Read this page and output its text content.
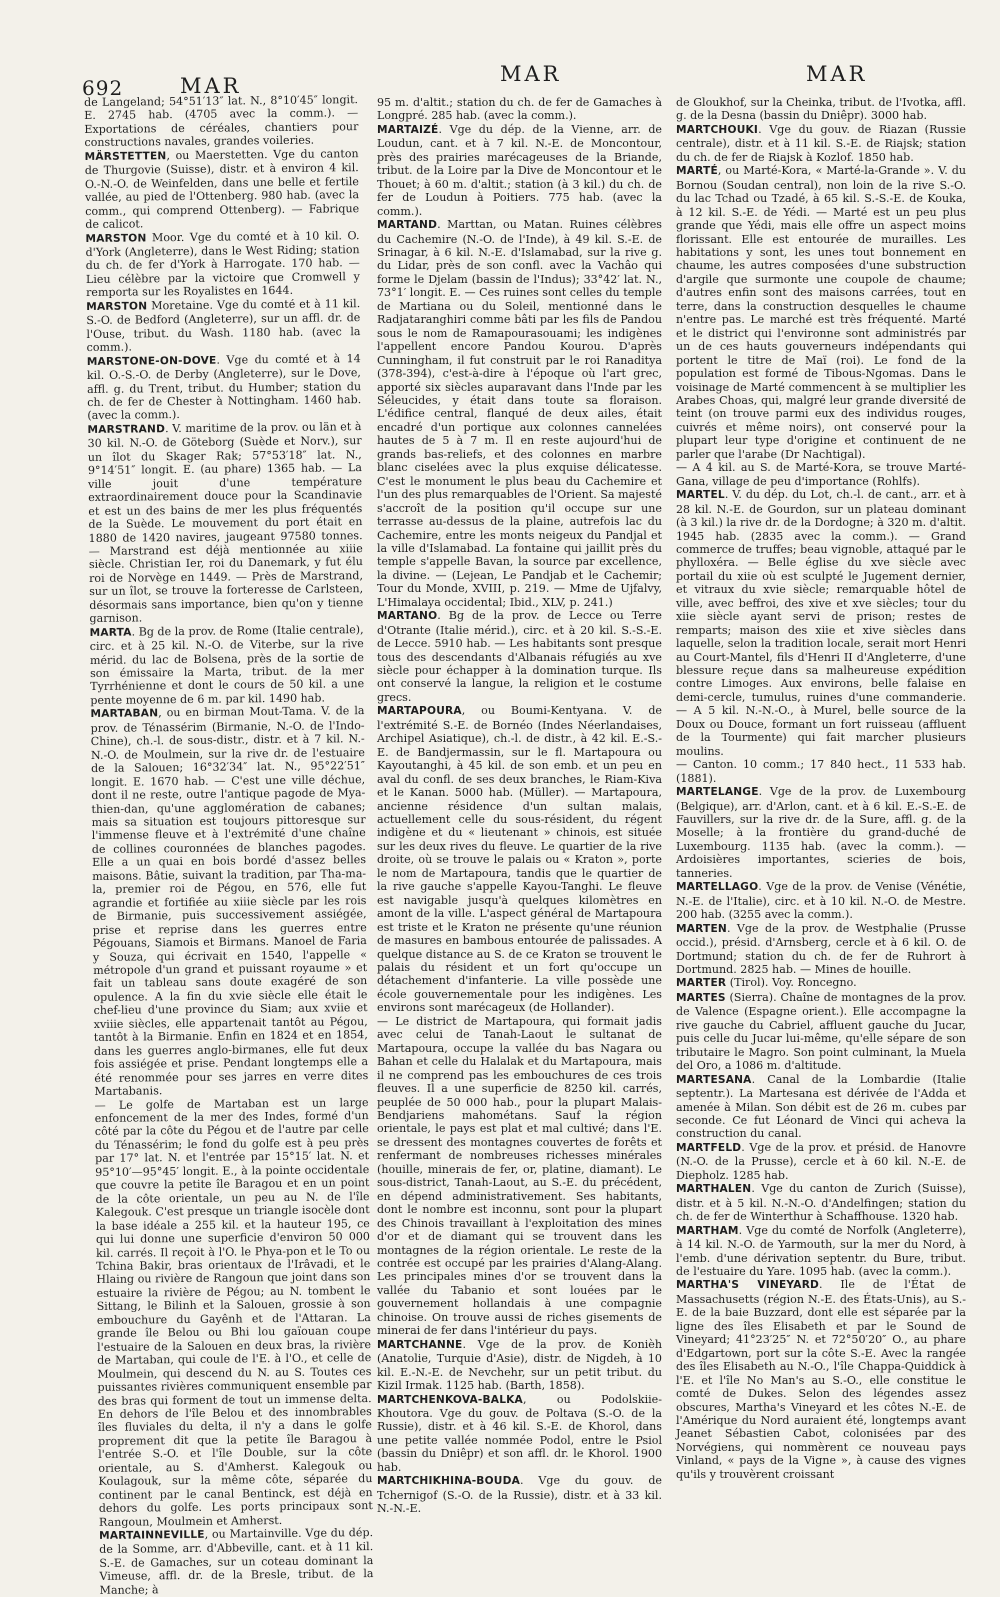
692	MAR	MAR	MAR

de Langeland; 54°51′13″ lat. N., 8°10′45″ longit. E. 2745 hab. (4705 avec la comm.). — Exportations de céréales, chantiers pour constructions navales, grandes voileries.

MÄRSTETTEN, ou Maerstetten. Vge du canton de Thurgovie (Suisse), distr. et à environ 4 kil. O.-N.-O. de Weinfelden, dans une belle et fertile vallée, au pied de l'Ottenberg. 980 hab. (avec la comm., qui comprend Ottenberg). — Fabrique de calicot.

MARSTON Moor. Vge du comté et à 10 kil. O. d'York (Angleterre), dans le West Riding; station du ch. de fer d'York à Harrogate. 170 hab. — Lieu célèbre par la victoire que Cromwell y remporta sur les Royalistes en 1644.

MARSTON Moretaine. Vge du comté et à 11 kil. S.-O. de Bedford (Angleterre), sur un affl. dr. de l'Ouse, tribut. du Wash. 1180 hab. (avec la comm.).

MARSTONE-ON-DOVE. Vge du comté et à 14 kil. O.-S.-O. de Derby (Angleterre), sur le Dove, affl. g. du Trent, tribut. du Humber; station du ch. de fer de Chester à Nottingham. 1460 hab. (avec la comm.).

MARSTRAND. V. maritime de la prov. ou län et à 30 kil. N.-O. de Göteborg (Suède et Norv.), sur un îlot du Skager Rak; 57°53′18″ lat. N., 9°14′51″ longit. E. (au phare) 1365 hab. — La ville jouit d'une température extraordinairement douce pour la Scandinavie et est un des bains de mer les plus fréquentés de la Suède. Le mouvement du port était en 1880 de 1420 navires, jaugeant 97580 tonnes. — Marstrand est déjà mentionnée au xiiie siècle. Christian Ier, roi du Danemark, y fut élu roi de Norvège en 1449. — Près de Marstrand, sur un îlot, se trouve la forteresse de Carlsteen, désormais sans importance, bien qu'on y tienne garnison.

MARTA. Bg de la prov. de Rome (Italie centrale), circ. et à 25 kil. N.-O. de Viterbe, sur la rive mérid. du lac de Bolsena, près de la sortie de son émissaire la Marta, tribut. de la mer Tyrrhénienne et dont le cours de 50 kil. a une pente moyenne de 6 m. par kil. 1490 hab.

MARTABAN, ou en birman Mout-Tama. V. de la prov. de Ténassérim (Birmanie, N.-O. de l'Indo-Chine), ch.-l. de sous-distr., distr. et à 7 kil. N.-N.-O. de Moulmein, sur la rive dr. de l'estuaire de la Salouen; 16°32′34″ lat. N., 95°22′51″ longit. E. 1670 hab. — C'est une ville déchue, dont il ne reste, outre l'antique pagode de Mya-thien-dan, qu'une agglomération de cabanes; mais sa situation est toujours pittoresque sur l'immense fleuve et à l'extrémité d'une chaîne de collines couronnées de blanches pagodes. Elle a un quai en bois bordé d'assez belles maisons. Bâtie, suivant la tradition, par Tha-ma-la, premier roi de Pégou, en 576, elle fut agrandie et fortifiée au xiiie siècle par les rois de Birmanie, puis successivement assiégée, prise et reprise dans les guerres entre Pégouans, Siamois et Birmans. Manoel de Faria y Souza, qui écrivait en 1540, l'appelle « métropole d'un grand et puissant royaume » et fait un tableau sans doute exagéré de son opulence. A la fin du xvie siècle elle était le chef-lieu d'une province du Siam; aux xviie et xviiie siècles, elle appartenait tantôt au Pégou, tantôt à la Birmanie. Enfin en 1824 et en 1854, dans les guerres anglo-birmanes, elle fut deux fois assiégée et prise. Pendant longtemps elle a été renommée pour ses jarres en verre dites Martabanis.

— Le golfe de Martaban est un large enfoncement de la mer des Indes, formé d'un côté par la côte du Pégou et de l'autre par celle du Ténassérim; le fond du golfe est à peu près par 17° lat. N. et l'entrée par 15°15′ lat. N. et 95°10′—95°45′ longit. E., à la pointe occidentale que couvre la petite île Baragou et en un point de la côte orientale, un peu au N. de l'île Kalegouk. C'est presque un triangle isocèle dont la base idéale a 255 kil. et la hauteur 195, ce qui lui donne une superficie d'environ 50 000 kil. carrés. Il reçoit à l'O. le Phya-pon et le To ou Tchina Bakir, bras orientaux de l'Irâvadi, et le Hlaing ou rivière de Rangoun que joint dans son estuaire la rivière de Pégou; au N. tombent le Sittang, le Bilinh et la Salouen, grossie à son embouchure du Gayênh et de l'Attaran. La grande île Belou ou Bhi lou gaïouan coupe l'estuaire de la Salouen en deux bras, la rivière de Martaban, qui coule de l'E. à l'O., et celle de Moulmein, qui descend du N. au S. Toutes ces puissantes rivières communiquent ensemble par des bras qui forment de tout un immense delta. En dehors de l'île Belou et des innombrables îles fluviales du delta, il n'y a dans le golfe proprement dit que la petite île Baragou à l'entrée S.-O. et l'île Double, sur la côte orientale, au S. d'Amherst. Kalegouk ou Koulagouk, sur la même côte, séparée du continent par le canal Bentinck, est déjà en dehors du golfe. Les ports principaux sont Rangoun, Moulmein et Amherst.

MARTAINNEVILLE, ou Martainville. Vge du dép. de la Somme, arr. d'Abbeville, cant. et à 11 kil. S.-E. de Gamaches, sur un coteau dominant la Vimeuse, affl. dr. de la Bresle, tribut. de la Manche; à

95 m. d'altit.; station du ch. de fer de Gamaches à Longpré. 285 hab. (avec la comm.).

MARTAIZÉ. Vge du dép. de la Vienne, arr. de Loudun, cant. et à 7 kil. N.-E. de Moncontour, près des prairies marécageuses de la Briande, tribut. de la Loire par la Dive de Moncontour et le Thouet; à 60 m. d'altit.; station (à 3 kil.) du ch. de fer de Loudun à Poitiers. 775 hab. (avec la comm.).

MARTAND. Marttan, ou Matan. Ruines célèbres du Cachemire (N.-O. de l'Inde), à 49 kil. S.-E. de Srinagar, à 6 kil. N.-E. d'Islamabad, sur la rive g. du Lidar, près de son confl. avec la Vachâo qui forme le Djelam (bassin de l'Indus); 33°42′ lat. N., 73°1′ longit. E. — Ces ruines sont celles du temple de Martiana ou du Soleil, mentionné dans le Radjataranghiri comme bâti par les fils de Pandou sous le nom de Ramapourasouami; les indigènes l'appellent encore Pandou Kourou. D'après Cunningham, il fut construit par le roi Ranaditya (378-394), c'est-à-dire à l'époque où l'art grec, apporté six siècles auparavant dans l'Inde par les Séleucides, y était dans toute sa floraison. L'édifice central, flanqué de deux ailes, était encadré d'un portique aux colonnes cannelées hautes de 5 à 7 m. Il en reste aujourd'hui de grands bas-reliefs, et des colonnes en marbre blanc ciselées avec la plus exquise délicatesse. C'est le monument le plus beau du Cachemire et l'un des plus remarquables de l'Orient. Sa majesté s'accroît de la position qu'il occupe sur une terrasse au-dessus de la plaine, autrefois lac du Cachemire, entre les monts neigeux du Pandjal et la ville d'Islamabad. La fontaine qui jaillit près du temple s'appelle Bavan, la source par excellence, la divine. — (Lejean, Le Pandjab et le Cachemir; Tour du Monde, XVIII, p. 219. — Mme de Ujfalvy, L'Himalaya occidental; Ibid., XLV, p. 241.)

MARTANO. Bg de la prov. de Lecce ou Terre d'Otrante (Italie mérid.), circ. et à 20 kil. S.-S.-E. de Lecce. 5910 hab. — Les habitants sont presque tous des descendants d'Albanais réfugiés au xve siècle pour échapper à la domination turque. Ils ont conservé la langue, la religion et le costume grecs.

MARTAPOURA, ou Boumi-Kentyana. V. de l'extrémité S.-E. de Bornéo (Indes Néerlandaises, Archipel Asiatique), ch.-l. de distr., à 42 kil. E.-S.-E. de Bandjermassin, sur le fl. Martapoura ou Kayoutanghi, à 45 kil. de son emb. et un peu en aval du confl. de ses deux branches, le Riam-Kiva et le Kanan. 5000 hab. (Müller). — Martapoura, ancienne résidence d'un sultan malais, actuellement celle du sous-résident, du régent indigène et du « lieutenant » chinois, est située sur les deux rives du fleuve. Le quartier de la rive droite, où se trouve le palais ou « Kraton », porte le nom de Martapoura, tandis que le quartier de la rive gauche s'appelle Kayou-Tanghi. Le fleuve est navigable jusqu'à quelques kilomètres en amont de la ville. L'aspect général de Martapoura est triste et le Kraton ne présente qu'une réunion de masures en bambous entourée de palissades. A quelque distance au S. de ce Kraton se trouvent le palais du résident et un fort qu'occupe un détachement d'infanterie. La ville possède une école gouvernementale pour les indigènes. Les environs sont marécageux (de Hollander).

— Le district de Martapoura, qui formait jadis avec celui de Tanah-Laout le sultanat de Martapoura, occupe la vallée du bas Nagara ou Bahan et celle du Halalak et du Martapoura, mais il ne comprend pas les embouchures de ces trois fleuves. Il a une superficie de 8250 kil. carrés, peuplée de 50 000 hab., pour la plupart Malais-Bendjariens mahométans. Sauf la région orientale, le pays est plat et mal cultivé; dans l'E. se dressent des montagnes couvertes de forêts et renfermant de nombreuses richesses minérales (houille, minerais de fer, or, platine, diamant). Le sous-district, Tanah-Laout, au S.-E. du précédent, en dépend administrativement. Ses habitants, dont le nombre est inconnu, sont pour la plupart des Chinois travaillant à l'exploitation des mines d'or et de diamant qui se trouvent dans les montagnes de la région orientale. Le reste de la contrée est occupé par les prairies d'Alang-Alang. Les principales mines d'or se trouvent dans la vallée du Tabanio et sont louées par le gouvernement hollandais à une compagnie chinoise. On trouve aussi de riches gisements de minerai de fer dans l'intérieur du pays.

MARTCHANNE. Vge de la prov. de Konièh (Anatolie, Turquie d'Asie), distr. de Nigdeh, à 10 kil. E.-N.-E. de Nevchehr, sur un petit tribut. du Kizil Irmak. 1125 hab. (Barth, 1858).

MARTCHENKOVA-BALKA, ou Podolskiie-Khoutora. Vge du gouv. de Poltava (S.-O. de la Russie), distr. et à 46 kil. S.-E. de Khorol, dans une petite vallée nommée Podol, entre le Psiol (bassin du Dniêpr) et son affl. dr. le Khorol. 1900 hab.

MARTCHIKHINA-BOUDA. Vge du gouv. de Tchernigof (S.-O. de la Russie), distr. et à 33 kil. N.-N.-E.

de Gloukhof, sur la Cheinka, tribut. de l'Ivotka, affl. g. de la Desna (bassin du Dniêpr). 3000 hab.

MARTCHOUKI. Vge du gouv. de Riazan (Russie centrale), distr. et à 11 kil. S.-E. de Riajsk; station du ch. de fer de Riajsk à Kozlof. 1850 hab.

MARTÉ, ou Marté-Kora, « Marté-la-Grande ». V. du Bornou (Soudan central), non loin de la rive S.-O. du lac Tchad ou Tzadé, à 65 kil. S.-S.-E. de Kouka, à 12 kil. S.-E. de Yédi. — Marté est un peu plus grande que Yédi, mais elle offre un aspect moins florissant. Elle est entourée de murailles. Les habitations y sont, les unes tout bonnement en chaume, les autres composées d'une substruction d'argile que surmonte une coupole de chaume; d'autres enfin sont des maisons carrées, tout en terre, dans la construction desquelles le chaume n'entre pas. Le marché est très fréquenté. Marté et le district qui l'environne sont administrés par un de ces hauts gouverneurs indépendants qui portent le titre de Maï (roi). Le fond de la population est formé de Tibous-Ngomas. Dans le voisinage de Marté commencent à se multiplier les Arabes Choas, qui, malgré leur grande diversité de teint (on trouve parmi eux des individus rouges, cuivrés et même noirs), ont conservé pour la plupart leur type d'origine et continuent de ne parler que l'arabe (Dr Nachtigal).

— A 4 kil. au S. de Marté-Kora, se trouve Marté-Gana, village de peu d'importance (Rohlfs).

MARTEL. V. du dép. du Lot, ch.-l. de cant., arr. et à 28 kil. N.-E. de Gourdon, sur un plateau dominant (à 3 kil.) la rive dr. de la Dordogne; à 320 m. d'altit. 1945 hab. (2835 avec la comm.). — Grand commerce de truffes; beau vignoble, attaqué par le phylloxéra. — Belle église du xve siècle avec portail du xiie où est sculpté le Jugement dernier, et vitraux du xvie siècle; remarquable hôtel de ville, avec beffroi, des xive et xve siècles; tour du xiie siècle ayant servi de prison; restes de remparts; maison des xiie et xive siècles dans laquelle, selon la tradition locale, serait mort Henri au Court-Mantel, fils d'Henri II d'Angleterre, d'une blessure reçue dans sa malheureuse expédition contre Limoges. Aux environs, belle falaise en demi-cercle, tumulus, ruines d'une commanderie. — A 5 kil. N.-N.-O., à Murel, belle source de la Doux ou Douce, formant un fort ruisseau (affluent de la Tourmente) qui fait marcher plusieurs moulins.

— Canton. 10 comm.; 17 840 hect., 11 533 hab. (1881).

MARTELANGE. Vge de la prov. de Luxembourg (Belgique), arr. d'Arlon, cant. et à 6 kil. E.-S.-E. de Fauvillers, sur la rive dr. de la Sure, affl. g. de la Moselle; à la frontière du grand-duché de Luxembourg. 1135 hab. (avec la comm.). — Ardoisières importantes, scieries de bois, tanneries.

MARTELLAGO. Vge de la prov. de Venise (Vénétie, N.-E. de l'Italie), circ. et à 10 kil. N.-O. de Mestre. 200 hab. (3255 avec la comm.).

MARTEN. Vge de la prov. de Westphalie (Prusse occid.), présid. d'Arnsberg, cercle et à 6 kil. O. de Dortmund; station du ch. de fer de Ruhrort à Dortmund. 2825 hab. — Mines de houille.

MARTER (Tirol). Voy. Roncegno.

MARTES (Sierra). Chaîne de montagnes de la prov. de Valence (Espagne orient.). Elle accompagne la rive gauche du Cabriel, affluent gauche du Jucar, puis celle du Jucar lui-même, qu'elle sépare de son tributaire le Magro. Son point culminant, la Muela del Oro, a 1086 m. d'altitude.

MARTESANA. Canal de la Lombardie (Italie septentr.). La Martesana est dérivée de l'Adda et amenée à Milan. Son débit est de 26 m. cubes par seconde. Ce fut Léonard de Vinci qui acheva la construction du canal.

MARTFELD. Vge de la prov. et présid. de Hanovre (N.-O. de la Prusse), cercle et à 60 kil. N.-E. de Diepholz. 1285 hab.

MARTHALEN. Vge du canton de Zurich (Suisse), distr. et à 5 kil. N.-N.-O. d'Andelfingen; station du ch. de fer de Winterthur à Schaffhouse. 1320 hab.

MARTHAM. Vge du comté de Norfolk (Angleterre), à 14 kil. N.-O. de Yarmouth, sur la mer du Nord, à l'emb. d'une dérivation septentr. du Bure, tribut. de l'estuaire du Yare. 1095 hab. (avec la comm.).

MARTHA'S VINEYARD. Ile de l'État de Massachusetts (région N.-E. des États-Unis), au S.-E. de la baie Buzzard, dont elle est séparée par la ligne des îles Elisabeth et par le Sound de Vineyard; 41°23′25″ N. et 72°50′20″ O., au phare d'Edgartown, port sur la côte S.-E. Avec la rangée des îles Elisabeth au N.-O., l'île Chappa-Quiddick à l'E. et l'île No Man's au S.-O., elle constitue le comté de Dukes. Selon des légendes assez obscures, Martha's Vineyard et les côtes N.-E. de l'Amérique du Nord auraient été, longtemps avant Jeanet Sébastien Cabot, colonisées par des Norvégiens, qui nommèrent ce nouveau pays Vinland, « pays de la Vigne », à cause des vignes qu'ils y trouvèrent croissant
